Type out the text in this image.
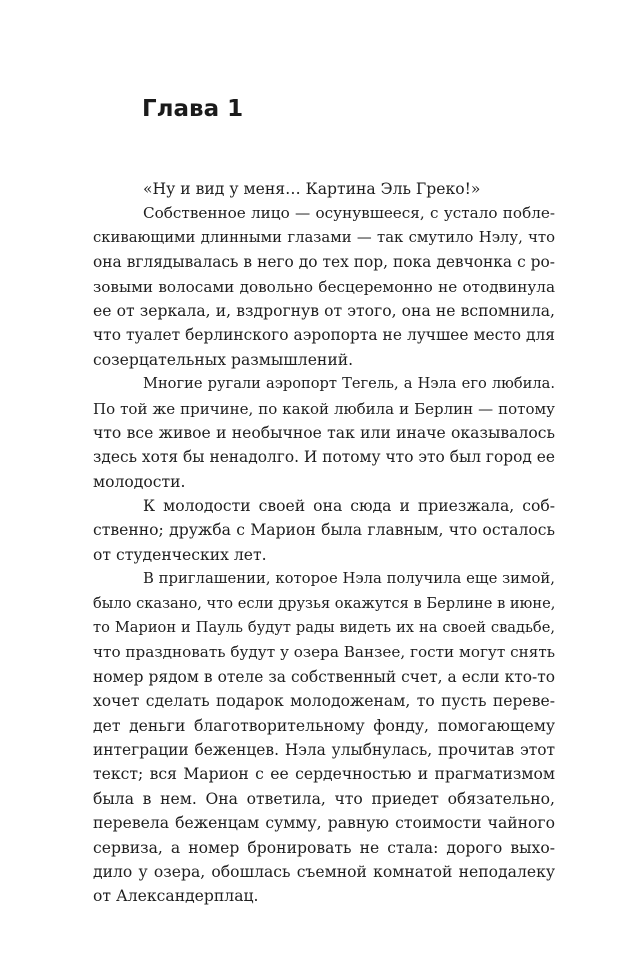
Глава 1
«Ну и вид у меня… Картина Эль Греко!»
Собственное лицо — осунувшееся, с устало побле-
скивающими длинными глазами — так смутило Нэлу, что
она вглядывалась в него до тех пор, пока девчонка с ро-
зовыми волосами довольно бесцеремонно не отодвинула
ее от зеркала, и, вздрогнув от этого, она не вспомнила,
что туалет берлинского аэропорта не лучшее место для
созерцательных размышлений.
Многие ругали аэропорт Тегель, а Нэла его любила.
По той же причине, по какой любила и Берлин — потому
что все живое и необычное так или иначе оказывалось
здесь хотя бы ненадолго. И потому что это был город ее
молодости.
К молодости своей она сюда и приезжала, соб-
ственно; дружба с Марион была главным, что осталось
от студенческих лет.
В приглашении, которое Нэла получила еще зимой,
было сказано, что если друзья окажутся в Берлине в июне,
то Марион и Пауль будут рады видеть их на своей свадьбе,
что праздновать будут у озера Ванзее, гости могут снять
номер рядом в отеле за собственный счет, а если кто-то
хочет сделать подарок молодоженам, то пусть переве-
дет деньги благотворительному фонду, помогающему
интеграции беженцев. Нэла улыбнулась, прочитав этот
текст; вся Марион с ее сердечностью и прагматизмом
была в нем. Она ответила, что приедет обязательно,
перевела беженцам сумму, равную стоимости чайного
сервиза, а номер бронировать не стала: дорого выхо-
дило у озера, обошлась съемной комнатой неподалеку
от Александерплац.
